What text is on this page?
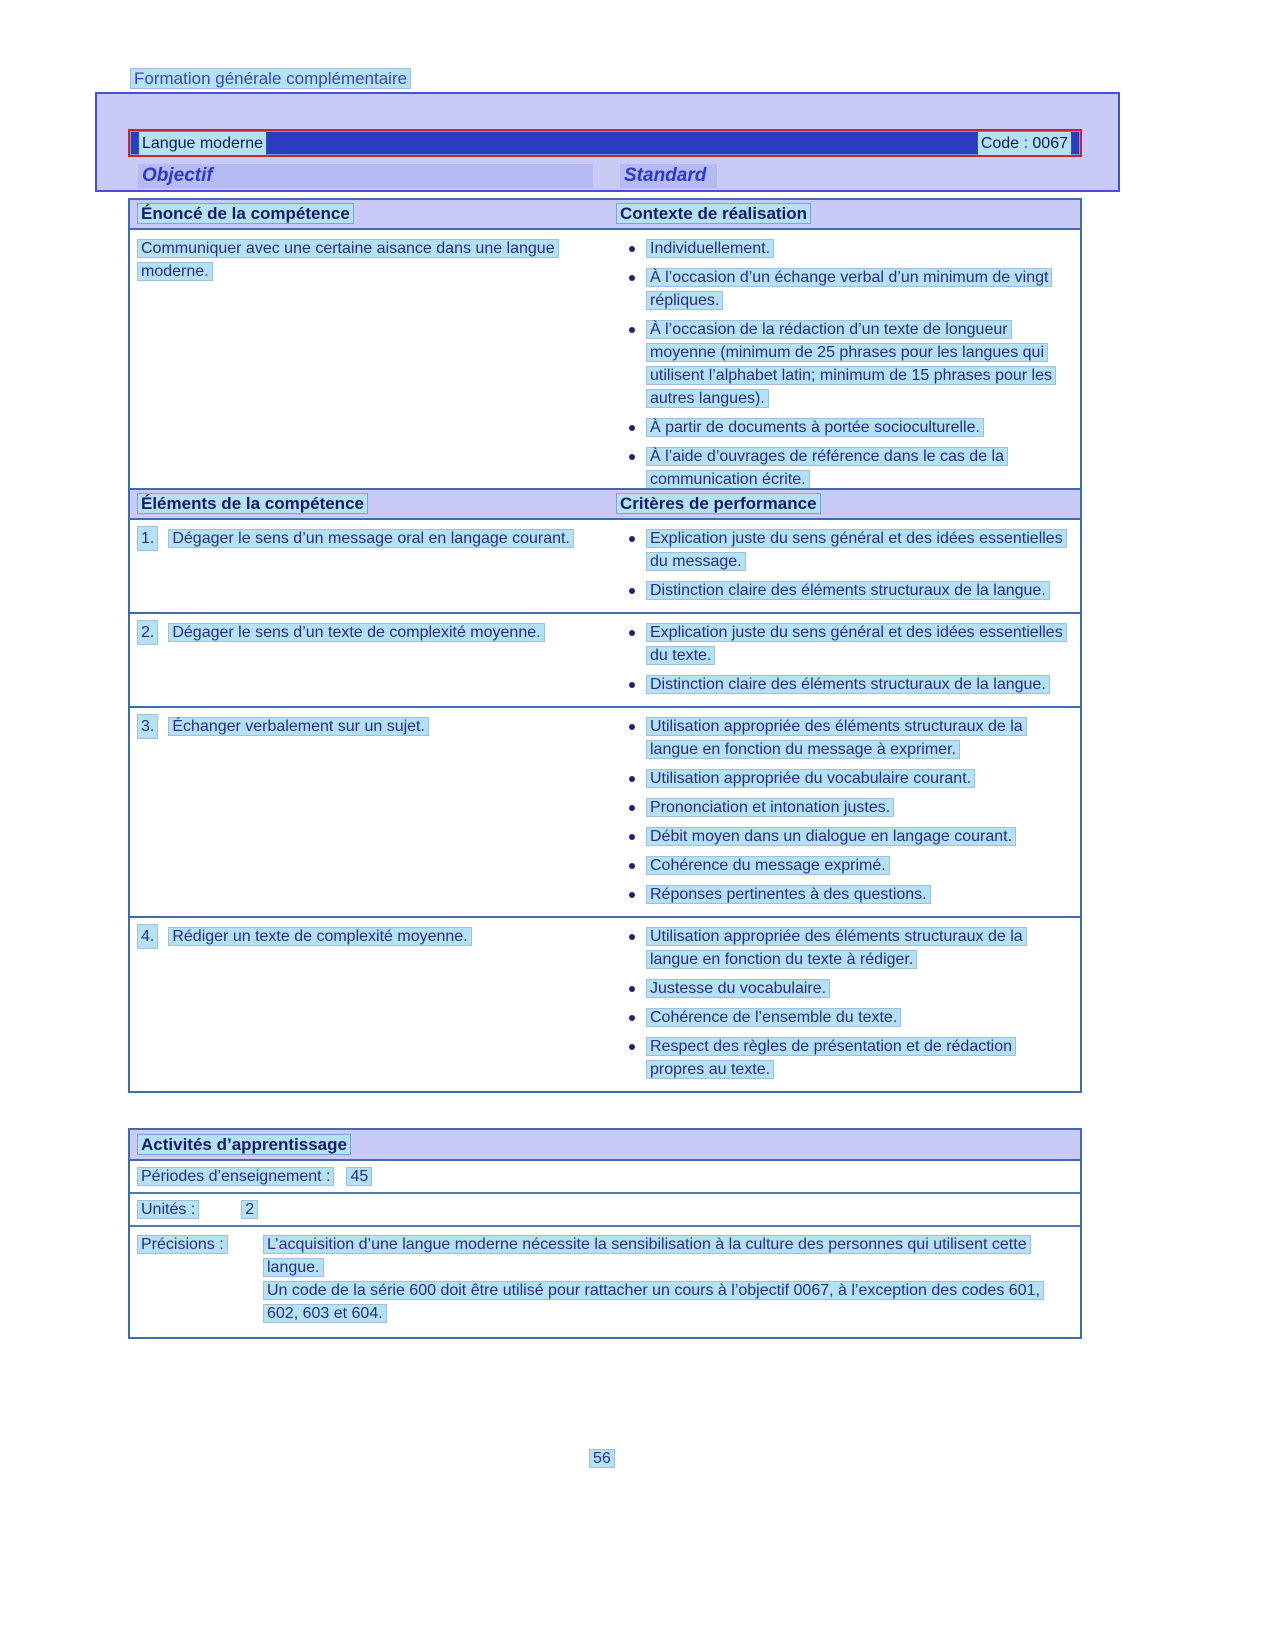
Formation générale complémentaire
Langue moderne	Code : 0067
Objectif	Standard
Énoncé de la compétence	Contexte de réalisation
Communiquer avec une certaine aisance dans une langue moderne.
Individuellement.
À l’occasion d’un échange verbal d’un minimum de vingt répliques.
À l’occasion de la rédaction d’un texte de longueur moyenne (minimum de 25 phrases pour les langues qui utilisent l’alphabet latin; minimum de 15 phrases pour les autres langues).
À partir de documents à portée socioculturelle.
À l’aide d’ouvrages de référence dans le cas de la communication écrite.
Éléments de la compétence	Critères de performance
1. Dégager le sens d’un message oral en langage courant.	Explication juste du sens général et des idées essentielles du message.
Distinction claire des éléments structuraux de la langue.
2. Dégager le sens d’un texte de complexité moyenne.	Explication juste du sens général et des idées essentielles du texte.
Distinction claire des éléments structuraux de la langue.
3. Échanger verbalement sur un sujet.	Utilisation appropriée des éléments structuraux de la langue en fonction du message à exprimer.
Utilisation appropriée du vocabulaire courant.
Prononciation et intonation justes.
Débit moyen dans un dialogue en langage courant.
Cohérence du message exprimé.
Réponses pertinentes à des questions.
4. Rédiger un texte de complexité moyenne.	Utilisation appropriée des éléments structuraux de la langue en fonction du texte à rédiger.
Justesse du vocabulaire.
Cohérence de l’ensemble du texte.
Respect des règles de présentation et de rédaction propres au texte.
Activités d’apprentissage
Périodes d’enseignement : 45
Unités :	2
Précisions :	L’acquisition d’une langue moderne nécessite la sensibilisation à la culture des personnes qui utilisent cette langue.
Un code de la série 600 doit être utilisé pour rattacher un cours à l’objectif 0067, à l’exception des codes 601, 602, 603 et 604.
56
